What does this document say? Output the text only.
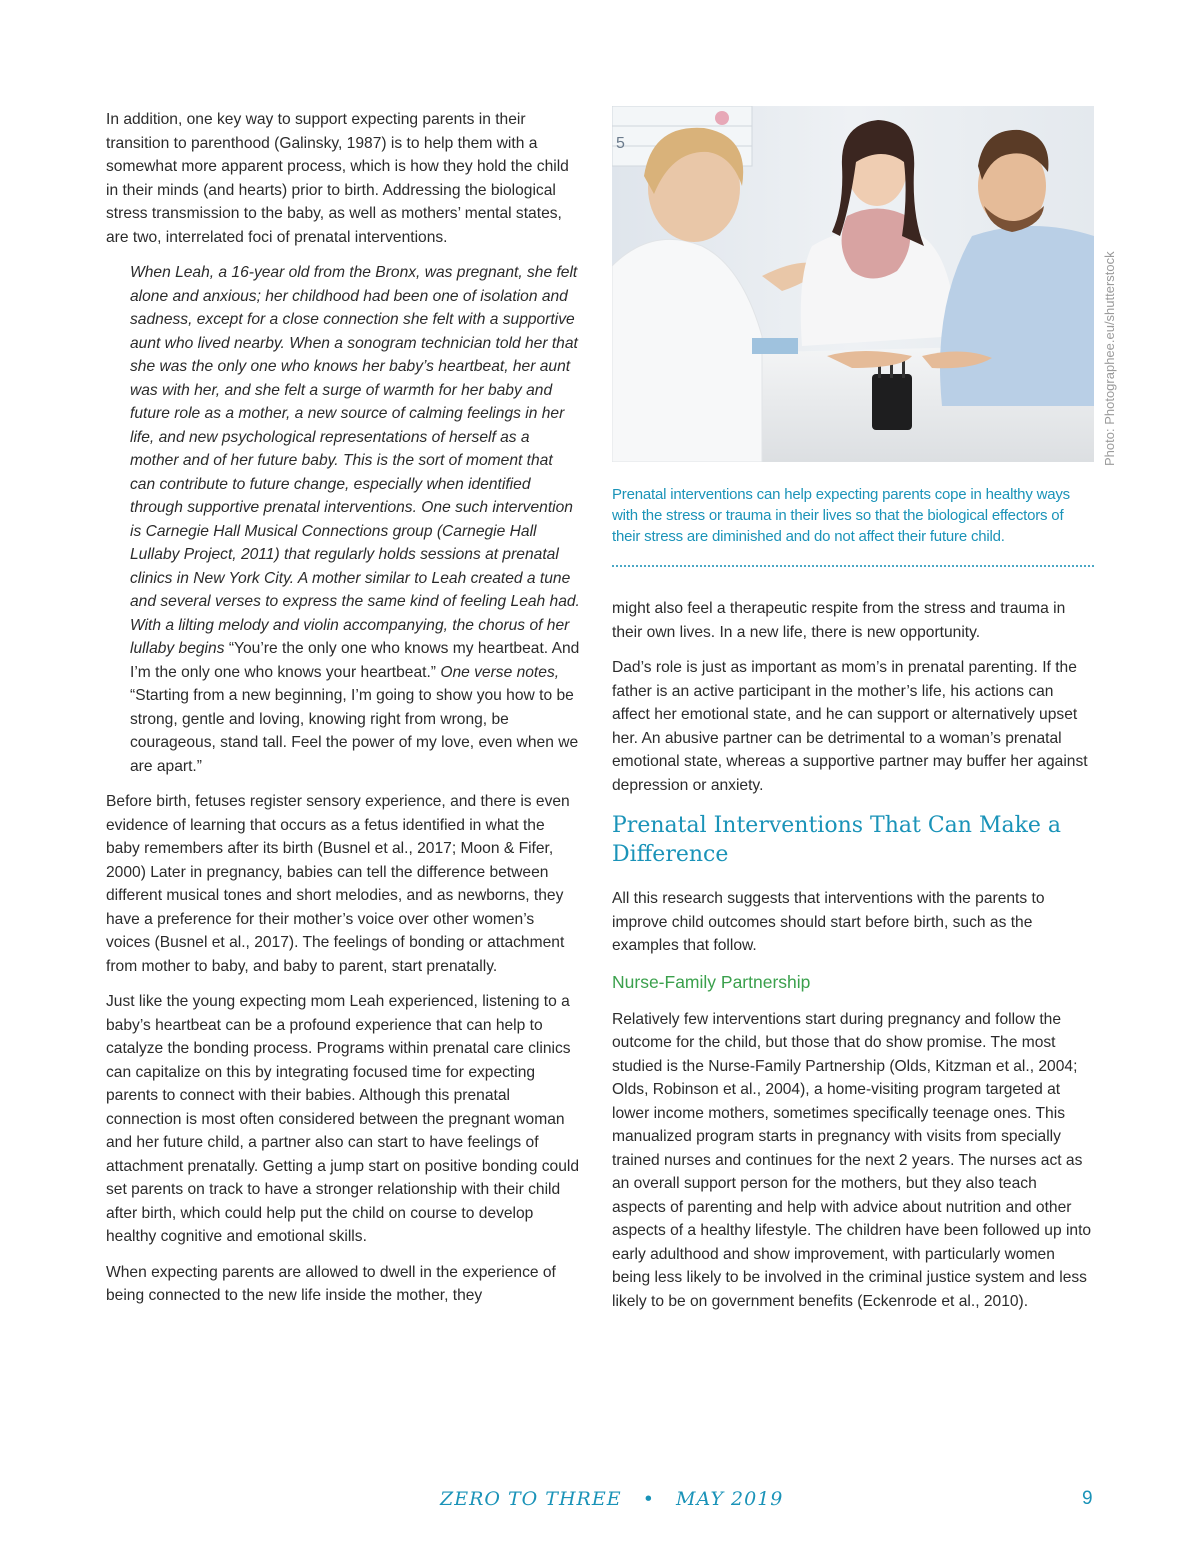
In addition, one key way to support expecting parents in their transition to parenthood (Galinsky, 1987) is to help them with a somewhat more apparent process, which is how they hold the child in their minds (and hearts) prior to birth. Addressing the biological stress transmission to the baby, as well as mothers’ mental states, are two, interrelated foci of prenatal interventions.

When Leah, a 16-year old from the Bronx, was pregnant, she felt alone and anxious; her childhood had been one of isolation and sadness, except for a close connection she felt with a supportive aunt who lived nearby. When a sonogram technician told her that she was the only one who knows her baby’s heartbeat, her aunt was with her, and she felt a surge of warmth for her baby and future role as a mother, a new source of calming feelings in her life, and new psychological representations of herself as a mother and of her future baby. This is the sort of moment that can contribute to future change, especially when identified through supportive prenatal interventions. One such intervention is Carnegie Hall Musical Connections group (Carnegie Hall Lullaby Project, 2011) that regularly holds sessions at prenatal clinics in New York City. A mother similar to Leah created a tune and several verses to express the same kind of feeling Leah had. With a lilting melody and violin accompanying, the chorus of her lullaby begins “You’re the only one who knows my heartbeat. And I’m the only one who knows your heartbeat.” One verse notes, “Starting from a new beginning, I’m going to show you how to be strong, gentle and loving, knowing right from wrong, be courageous, stand tall. Feel the power of my love, even when we are apart.”

Before birth, fetuses register sensory experience, and there is even evidence of learning that occurs as a fetus identified in what the baby remembers after its birth (Busnel et al., 2017; Moon & Fifer, 2000) Later in pregnancy, babies can tell the difference between different musical tones and short melodies, and as newborns, they have a preference for their mother’s voice over other women’s voices (Busnel et al., 2017). The feelings of bonding or attachment from mother to baby, and baby to parent, start prenatally.

Just like the young expecting mom Leah experienced, listening to a baby’s heartbeat can be a profound experience that can help to catalyze the bonding process. Programs within prenatal care clinics can capitalize on this by integrating focused time for expecting parents to connect with their babies. Although this prenatal connection is most often considered between the pregnant woman and her future child, a partner also can start to have feelings of attachment prenatally. Getting a jump start on positive bonding could set parents on track to have a stronger relationship with their child after birth, which could help put the child on course to develop healthy cognitive and emotional skills.

When expecting parents are allowed to dwell in the experience of being connected to the new life inside the mother, they

5
Prenatal interventions can help expecting parents cope in healthy ways with the stress or trauma in their lives so that the biological effectors of their stress are diminished and do not affect their future child.

might also feel a therapeutic respite from the stress and trauma in their own lives. In a new life, there is new opportunity.

Dad’s role is just as important as mom’s in prenatal parenting. If the father is an active participant in the mother’s life, his actions can affect her emotional state, and he can support or alternatively upset her. An abusive partner can be detrimental to a woman’s prenatal emotional state, whereas a supportive partner may buffer her against depression or anxiety.

Prenatal Interventions That Can Make a Difference

All this research suggests that interventions with the parents to improve child outcomes should start before birth, such as the examples that follow.

Nurse-Family Partnership

Relatively few interventions start during pregnancy and follow the outcome for the child, but those that do show promise. The most studied is the Nurse-Family Partnership (Olds, Kitzman et al., 2004; Olds, Robinson et al., 2004), a home-visiting program targeted at lower income mothers, sometimes specifically teenage ones. This manualized program starts in pregnancy with visits from specially trained nurses and continues for the next 2 years. The nurses act as an overall support person for the mothers, but they also teach aspects of parenting and help with advice about nutrition and other aspects of a healthy lifestyle. The children have been followed up into early adulthood and show improvement, with particularly women being less likely to be involved in the criminal justice system and less likely to be on government benefits (Eckenrode et al., 2010).

Photo: Photographee.eu/shutterstock
ZERO TO THREE • MAY 2019	9
